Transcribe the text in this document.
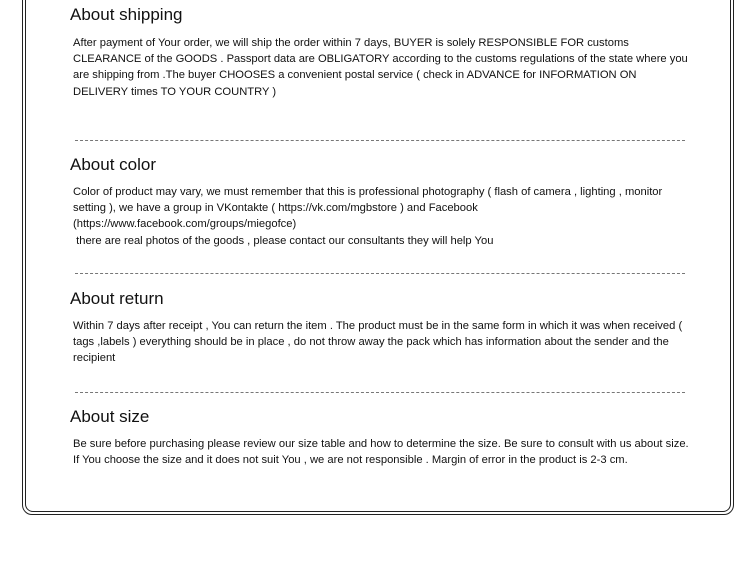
About shipping

After payment of Your order, we will ship the order within 7 days, BUYER is solely RESPONSIBLE FOR customs CLEARANCE of the GOODS . Passport data are OBLIGATORY according to the customs regulations of the state where you are shipping from .The buyer CHOOSES a convenient postal service ( check in ADVANCE for INFORMATION ON DELIVERY times TO YOUR COUNTRY )

About color

Color of product may vary, we must remember that this is professional photography ( flash of camera , lighting , monitor setting ), we have a group in VKontakte ( https://vk.com/mgbstore ) and Facebook

(https://www.facebook.com/groups/miegofce)

there are real photos of the goods , please contact our consultants they will help You

About return

Within 7 days after receipt , You can return the item . The product must be in the same form in which it was when received ( tags ,labels ) everything should be in place , do not throw away the pack which has information about the sender and the recipient

About size

Be sure before purchasing please review our size table and how to determine the size. Be sure to consult with us about size. If You choose the size and it does not suit You , we are not responsible . Margin of error in the product is 2-3 cm.
